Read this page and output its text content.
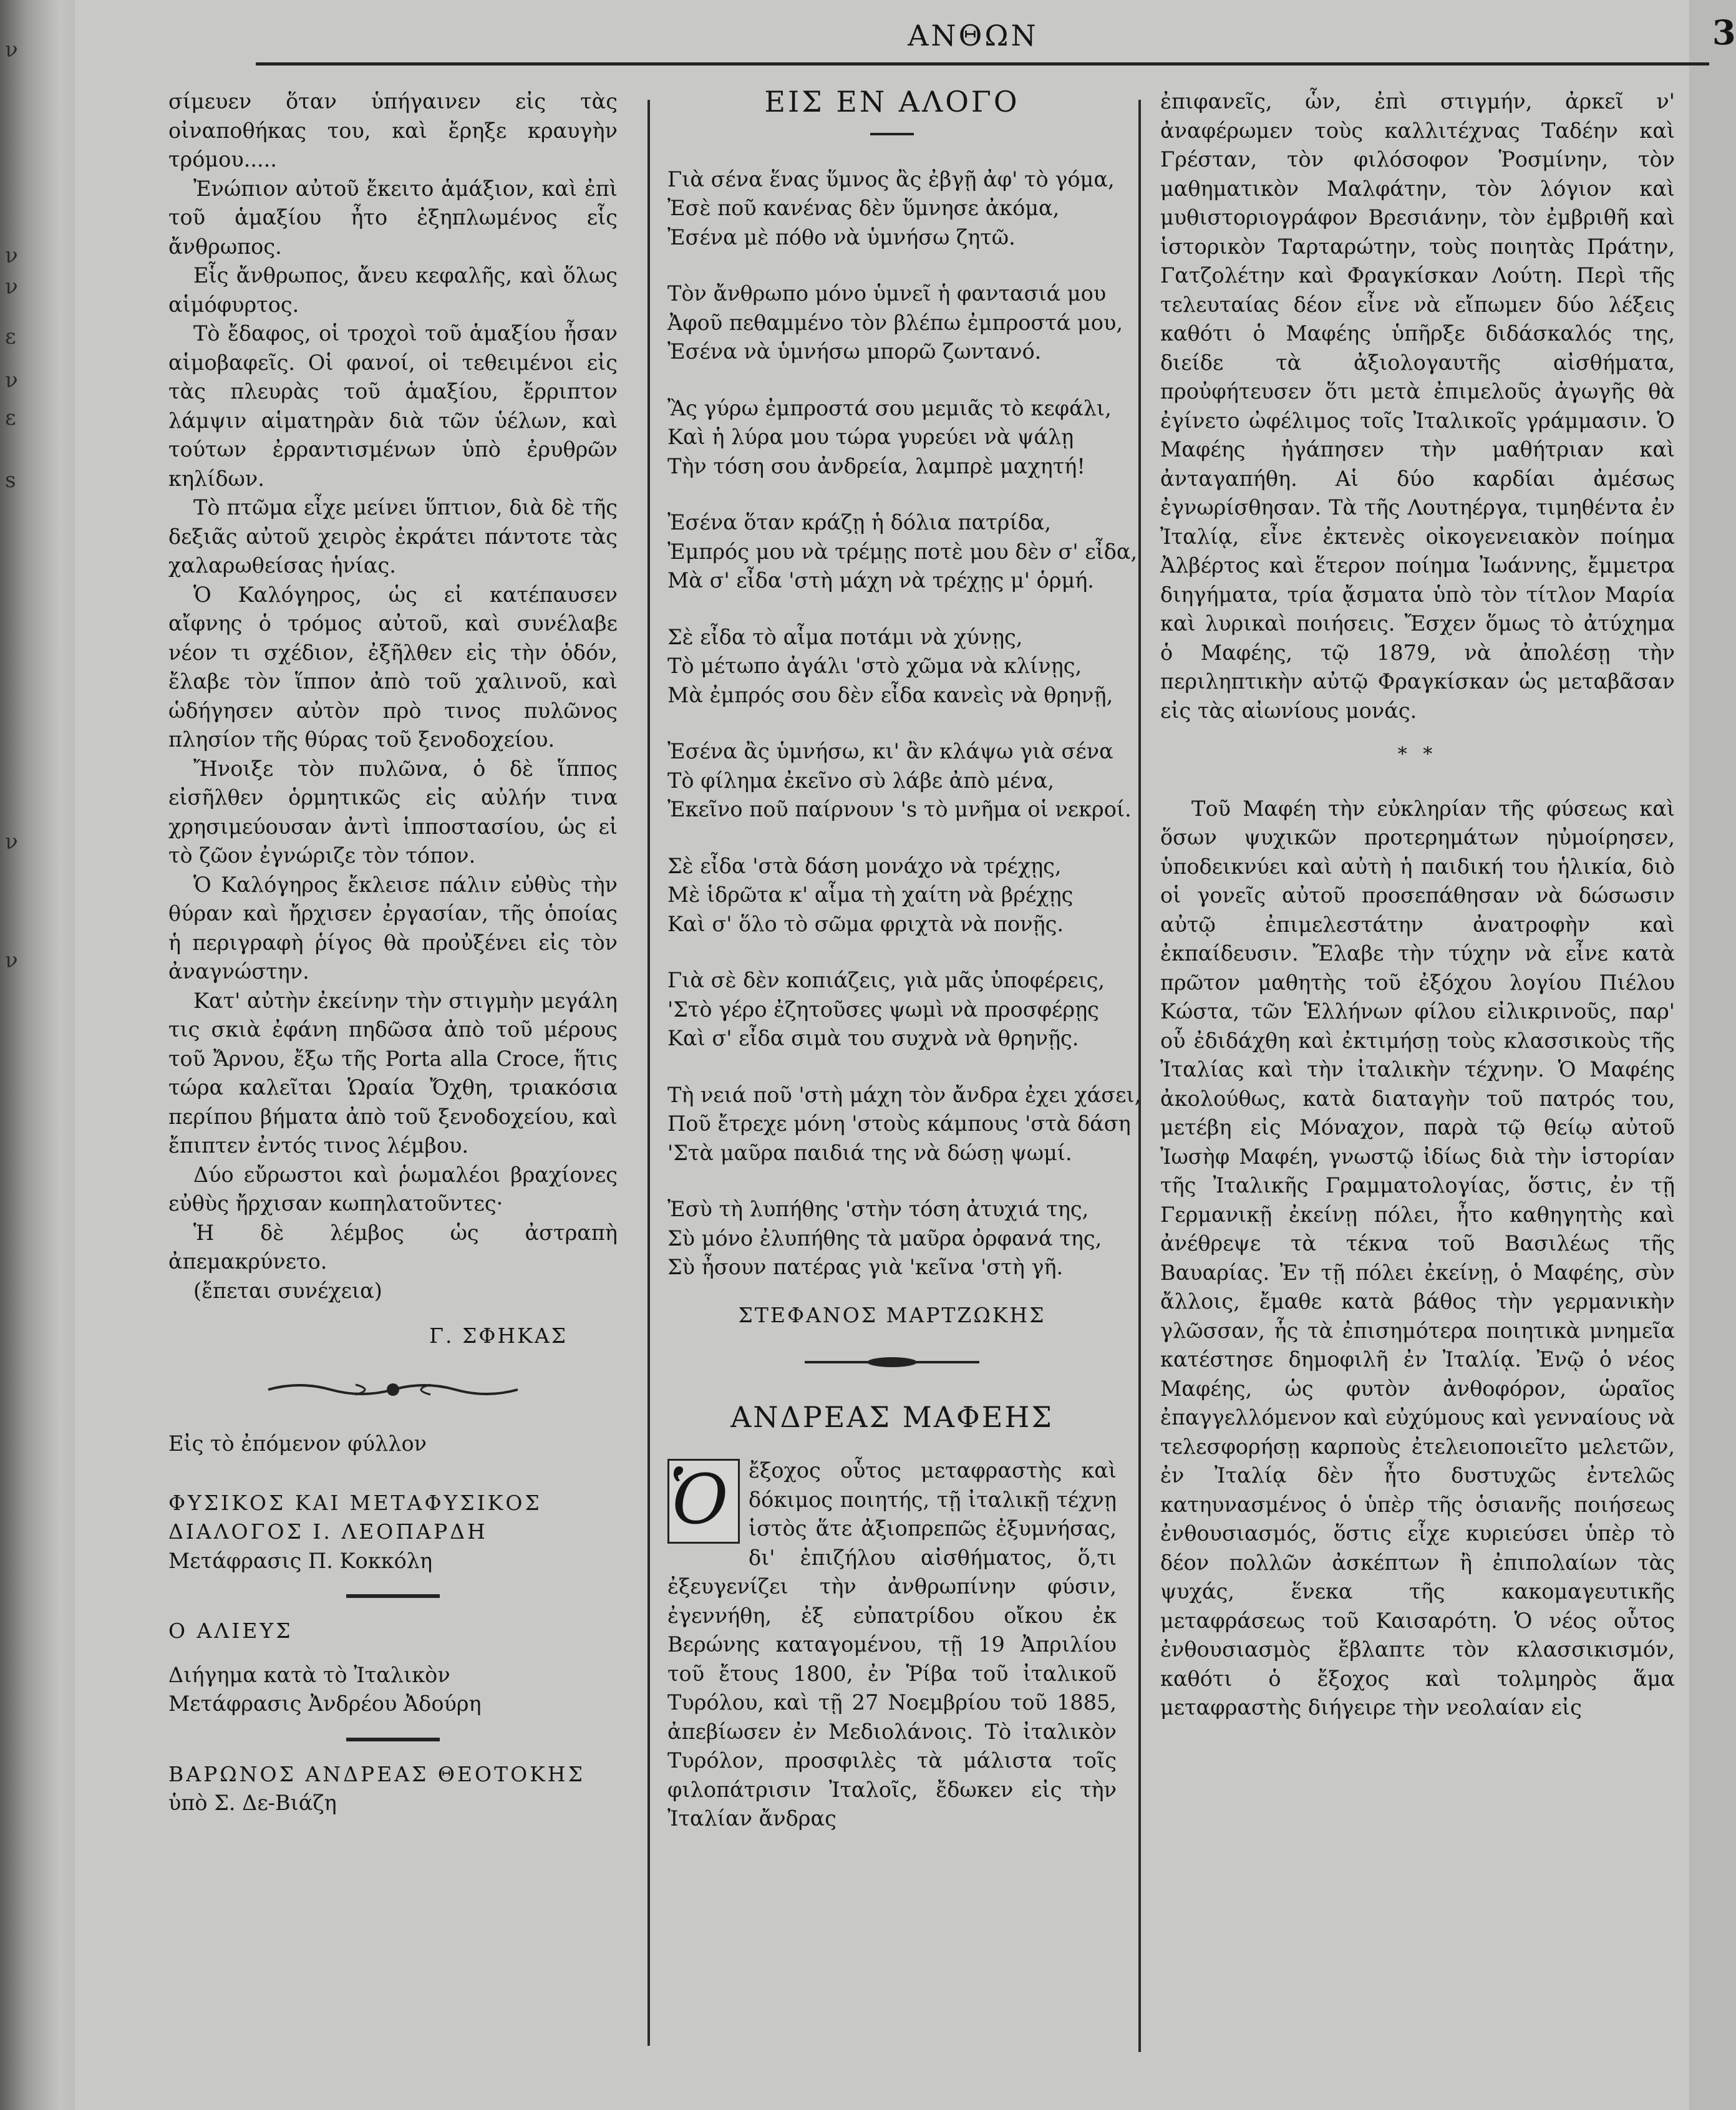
ν
ν
ν
ε
ν
ε
s
ν
ν
ΑΝΘΩΝ	3

σίμευεν ὅταν ὑπήγαινεν εἰς τὰς οἰναποθήκας του, καὶ ἔρηξε κραυγὴν τρόμου.....

Ἐνώπιον αὐτοῦ ἔκειτο ἁμάξιον, καὶ ἐπὶ τοῦ ἁμαξίου ἦτο ἐξηπλωμένος εἷς ἄνθρωπος.

Εἷς ἄνθρωπος, ἄνευ κεφαλῆς, καὶ ὅλως αἱμόφυρτος.

Τὸ ἔδαφος, οἱ τροχοὶ τοῦ ἁμαξίου ἦσαν αἱμοβαφεῖς. Οἱ φανοί, οἱ τεθειμένοι εἰς τὰς πλευρὰς τοῦ ἁμαξίου, ἔρριπτον λάμψιν αἱματηρὰν διὰ τῶν ὑέλων, καὶ τούτων ἐρραντισμένων ὑπὸ ἐρυθρῶν κηλίδων.

Τὸ πτῶμα εἶχε μείνει ὕπτιον, διὰ δὲ τῆς δεξιᾶς αὐτοῦ χειρὸς ἐκράτει πάντοτε τὰς χαλαρωθείσας ἡνίας.

Ὁ Καλόγηρος, ὡς εἰ κατέπαυσεν αἴφνης ὁ τρόμος αὐτοῦ, καὶ συνέλαβε νέον τι σχέδιον, ἐξῆλθεν εἰς τὴν ὁδόν, ἔλαβε τὸν ἵππον ἀπὸ τοῦ χαλινοῦ, καὶ ὡδήγησεν αὐτὸν πρὸ τινος πυλῶνος πλησίον τῆς θύρας τοῦ ξενοδοχείου.

Ἤνοιξε τὸν πυλῶνα, ὁ δὲ ἵππος εἰσῆλθεν ὁρμητικῶς εἰς αὐλήν τινα χρησιμεύουσαν ἀντὶ ἱπποστασίου, ὡς εἰ τὸ ζῶον ἐγνώριζε τὸν τόπον.

Ὁ Καλόγηρος ἔκλεισε πάλιν εὐθὺς τὴν θύραν καὶ ἤρχισεν ἐργασίαν, τῆς ὁποίας ἡ περιγραφὴ ῥίγος θὰ προὐξένει εἰς τὸν ἀναγνώστην.

Κατ' αὐτὴν ἐκείνην τὴν στιγμὴν μεγάλη τις σκιὰ ἐφάνη πηδῶσα ἀπὸ τοῦ μέρους τοῦ Ἄρνου, ἔξω τῆς Porta alla Croce, ἥτις τώρα καλεῖται Ὡραία Ὄχθη, τριακόσια περίπου βήματα ἀπὸ τοῦ ξενοδοχείου, καὶ ἔπιπτεν ἐντός τινος λέμβου.

Δύο εὔρωστοι καὶ ῥωμαλέοι βραχίονες εὐθὺς ἤρχισαν κωπηλατοῦντες·

Ἡ δὲ λέμβος ὡς ἀστραπὴ ἀπεμακρύνετο.

(ἔπεται συνέχεια)

Γ. ΣΦΗΚΑΣ

Εἰς τὸ ἐπόμενον φύλλον

ΦΥΣΙΚΟΣ ΚΑΙ ΜΕΤΑΦΥΣΙΚΟΣ

ΔΙΑΛΟΓΟΣ Ι. ΛΕΟΠΑΡΔΗ

Μετάφρασις Π. Κοκκόλη

Ο ΑΛΙΕΥΣ

Διήγημα κατὰ τὸ Ἰταλικὸν

Μετάφρασις Ἀνδρέου Ἀδούρη

ΒΑΡΩΝΟΣ ΑΝΔΡΕΑΣ ΘΕΟΤΟΚΗΣ

ὑπὸ Σ. Δε-Βιάζη

ΕΙΣ ΕΝ ΑΛΟΓΟ
Γιὰ σένα ἕνας ὕμνος ἂς ἐβγῇ ἀφ' τὸ γόμα,
Ἐσὲ ποῦ κανένας δὲν ὕμνησε ἀκόμα,
Ἐσένα μὲ πόθο νὰ ὑμνήσω ζητῶ.
Τὸν ἄνθρωπο μόνο ὑμνεῖ ἡ φαντασιά μου
Ἀφοῦ πεθαμμένο τὸν βλέπω ἐμπροστά μου,
Ἐσένα νὰ ὑμνήσω μπορῶ ζωντανό.
Ἂς γύρω ἐμπροστά σου μεμιᾶς τὸ κεφάλι,
Καὶ ἡ λύρα μου τώρα γυρεύει νὰ ψάλῃ
Τὴν τόση σου ἀνδρεία, λαμπρὲ μαχητή!
Ἐσένα ὅταν κράζῃ ἡ δόλια πατρίδα,
Ἐμπρός μου νὰ τρέμῃς ποτὲ μου δὲν σ' εἶδα,
Μὰ σ' εἶδα 'στὴ μάχη νὰ τρέχῃς μ' ὁρμή.
Σὲ εἶδα τὸ αἷμα ποτάμι νὰ χύνῃς,
Τὸ μέτωπο ἀγάλι 'στὸ χῶμα νὰ κλίνῃς,
Μὰ ἐμπρός σου δὲν εἶδα κανεὶς νὰ θρηνῇ,
Ἐσένα ἂς ὑμνήσω, κι' ἂν κλάψω γιὰ σένα
Τὸ φίλημα ἐκεῖνο σὺ λάβε ἀπὸ μένα,
Ἐκεῖνο ποῦ παίρνουν 's τὸ μνῆμα οἱ νεκροί.
Σὲ εἶδα 'στὰ δάση μονάχο νὰ τρέχῃς,
Μὲ ἱδρῶτα κ' αἷμα τὴ χαίτη νὰ βρέχῃς
Καὶ σ' ὅλο τὸ σῶμα φριχτὰ νὰ πονῇς.
Γιὰ σὲ δὲν κοπιάζεις, γιὰ μᾶς ὑποφέρεις,
'Στὸ γέρο ἐζητοῦσες ψωμὶ νὰ προσφέρῃς
Καὶ σ' εἶδα σιμὰ του συχνὰ νὰ θρηνῇς.
Τὴ νειά ποῦ 'στὴ μάχη τὸν ἄνδρα ἐχει χάσει,
Ποῦ ἔτρεχε μόνη 'στοὺς κάμπους 'στὰ δάση
'Στὰ μαῦρα παιδιά της νὰ δώσῃ ψωμί.
Ἐσὺ τὴ λυπήθης 'στὴν τόση ἀτυχιά της,
Σὺ μόνο ἐλυπήθης τὰ μαῦρα ὀρφανά της,
Σὺ ἦσουν πατέρας γιὰ 'κεῖνα 'στὴ γῆ.
ΣΤΕΦΑΝΟΣ ΜΑΡΤΖΩΚΗΣ
ΑΝΔΡΕΑΣ ΜΑΦΕΗΣ

Ὁ ἔξοχος οὗτος μεταφραστὴς καὶ δόκιμος ποιητής, τῇ ἰταλικῇ τέχνῃ ἱστὸς ἅτε ἀξιοπρεπῶς ἐξυμνήσας, δι' ἐπιζήλου αἰσθήματος, ὅ,τι ἐξευγενίζει τὴν ἀνθρωπίνην φύσιν, ἐγεννήθη, ἐξ εὐπατρίδου οἴκου ἐκ Βερώνης καταγομένου, τῇ 19 Ἀπριλίου τοῦ ἔτους 1800, ἐν Ῥίβα τοῦ ἰταλικοῦ Τυρόλου, καὶ τῇ 27 Νοεμβρίου τοῦ 1885, ἀπεβίωσεν ἐν Μεδιολάνοις. Τὸ ἰταλικὸν Τυρόλον, προσφιλὲς τὰ μάλιστα τοῖς φιλοπάτρισιν Ἰταλοῖς, ἔδωκεν εἰς τὴν Ἰταλίαν ἄνδρας

ἐπιφανεῖς, ὧν, ἐπὶ στιγμήν, ἀρκεῖ ν' ἀναφέρωμεν τοὺς καλλιτέχνας Ταδέην καὶ Γρέσταν, τὸν φιλόσοφον Ῥοσμίνην, τὸν μαθηματικὸν Μαλφάτην, τὸν λόγιον καὶ μυθιστοριογράφον Βρεσιάνην, τὸν ἐμβριθῆ καὶ ἱστορικὸν Ταρταρώτην, τοὺς ποιητὰς Πράτην, Γατζολέτην καὶ Φραγκίσκαν Λούτη. Περὶ τῆς τελευταίας δέον εἶνε νὰ εἴπωμεν δύο λέξεις καθότι ὁ Μαφέης ὑπῆρξε διδάσκαλός της, διείδε τὰ ἀξιολογαυτῆς αἰσθήματα, προὐφήτευσεν ὅτι μετὰ ἐπιμελοῦς ἀγωγῆς θὰ ἐγίνετο ὠφέλιμος τοῖς Ἰταλικοῖς γράμμασιν. Ὁ Μαφέης ἠγάπησεν τὴν μαθήτριαν καὶ ἀνταγαπήθη. Αἱ δύο καρδίαι ἀμέσως ἐγνωρίσθησαν. Τὰ τῆς Λουτηέργα, τιμηθέντα ἐν Ἰταλίᾳ, εἶνε ἐκτενὲς οἰκογενειακὸν ποίημα Ἀλβέρτος καὶ ἕτερον ποίημα Ἰωάννης, ἔμμετρα διηγήματα, τρία ᾄσματα ὑπὸ τὸν τίτλον Μαρία καὶ λυρικαὶ ποιήσεις. Ἔσχεν ὅμως τὸ ἀτύχημα ὁ Μαφέης, τῷ 1879, νὰ ἀπολέσῃ τὴν περιληπτικὴν αὐτῷ Φραγκίσκαν ὡς μεταβᾶσαν εἰς τὰς αἰωνίους μονάς.

* *

Τοῦ Μαφέη τὴν εὐκληρίαν τῆς φύσεως καὶ ὅσων ψυχικῶν προτερημάτων ηὐμοίρησεν, ὑποδεικνύει καὶ αὐτὴ ἡ παιδική του ἡλικία, διὸ οἱ γονεῖς αὐτοῦ προσεπάθησαν νὰ δώσωσιν αὐτῷ ἐπιμελεστάτην ἀνατροφὴν καὶ ἐκπαίδευσιν. Ἔλαβε τὴν τύχην νὰ εἶνε κατὰ πρῶτον μαθητὴς τοῦ ἐξόχου λογίου Πιέλου Κώστα, τῶν Ἑλλήνων φίλου εἰλικρινοῦς, παρ' οὗ ἐδιδάχθη καὶ ἐκτιμήσῃ τοὺς κλασσικοὺς τῆς Ἰταλίας καὶ τὴν ἰταλικὴν τέχνην. Ὁ Μαφέης ἀκολούθως, κατὰ διαταγὴν τοῦ πατρός του, μετέβη εἰς Μόναχον, παρὰ τῷ θείῳ αὐτοῦ Ἰωσὴφ Μαφέη, γνωστῷ ἰδίως διὰ τὴν ἱστορίαν τῆς Ἰταλικῆς Γραμματολογίας, ὅστις, ἐν τῇ Γερμανικῇ ἐκείνῃ πόλει, ἦτο καθηγητὴς καὶ ἀνέθρεψε τὰ τέκνα τοῦ Βασιλέως τῆς Βαυαρίας. Ἐν τῇ πόλει ἐκείνῃ, ὁ Μαφέης, σὺν ἄλλοις, ἔμαθε κατὰ βάθος τὴν γερμανικὴν γλῶσσαν, ἧς τὰ ἐπισημότερα ποιητικὰ μνημεῖα κατέστησε δημοφιλῆ ἐν Ἰταλίᾳ. Ἐνῷ ὁ νέος Μαφέης, ὡς φυτὸν ἀνθοφόρον, ὡραῖος ἐπαγγελλόμενον καὶ εὐχύμους καὶ γενναίους νὰ τελεσφορήσῃ καρποὺς ἐτελειοποιεῖτο μελετῶν, ἐν Ἰταλίᾳ δὲν ἦτο δυστυχῶς ἐντελῶς κατηυνασμένος ὁ ὑπὲρ τῆς ὁσιανῆς ποιήσεως ἐνθουσιασμός, ὅστις εἶχε κυριεύσει ὑπὲρ τὸ δέον πολλῶν ἀσκέπτων ἢ ἐπιπολαίων τὰς ψυχάς, ἕνεκα τῆς κακομαγευτικῆς μεταφράσεως τοῦ Καισαρότη. Ὁ νέος οὗτος ἐνθουσιασμὸς ἔβλαπτε τὸν κλασσικισμόν, καθότι ὁ ἔξοχος καὶ τολμηρὸς ἅμα μεταφραστὴς διήγειρε τὴν νεολαίαν εἰς
